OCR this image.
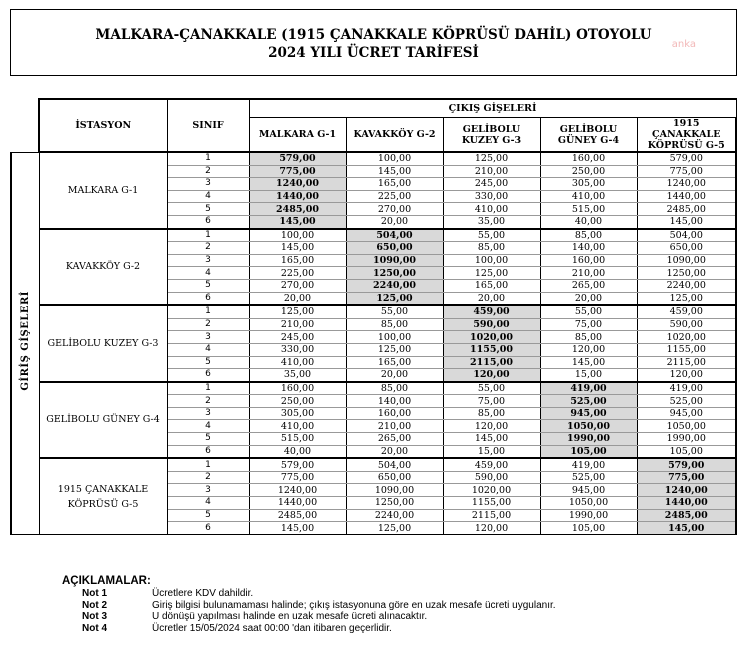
MALKARA-ÇANAKKALE (1915 ÇANAKKALE KÖPRÜSÜ DAHİL) OTOYOLU
2024 YILI ÜCRET TARİFESİ
anka
	İSTASYON	SINIF	ÇIKIŞ GİŞELERİ				
			MALKARA G-1	KAVAKKÖY G-2	GELİBOLU KUZEY G-3	GELİBOLU GÜNEY G-4	1915 ÇANAKKALE KÖPRÜSÜ G-5
GİRİŞ GİŞELERİ	MALKARA G-1	1	579,00	100,00	125,00	160,00	579,00
		2	775,00	145,00	210,00	250,00	775,00
		3	1240,00	165,00	245,00	305,00	1240,00
		4	1440,00	225,00	330,00	410,00	1440,00
		5	2485,00	270,00	410,00	515,00	2485,00
		6	145,00	20,00	35,00	40,00	145,00
	KAVAKKÖY G-2	1	100,00	504,00	55,00	85,00	504,00
		2	145,00	650,00	85,00	140,00	650,00
		3	165,00	1090,00	100,00	160,00	1090,00
		4	225,00	1250,00	125,00	210,00	1250,00
		5	270,00	2240,00	165,00	265,00	2240,00
		6	20,00	125,00	20,00	20,00	125,00
	GELİBOLU KUZEY G-3	1	125,00	55,00	459,00	55,00	459,00
		2	210,00	85,00	590,00	75,00	590,00
		3	245,00	100,00	1020,00	85,00	1020,00
		4	330,00	125,00	1155,00	120,00	1155,00
		5	410,00	165,00	2115,00	145,00	2115,00
		6	35,00	20,00	120,00	15,00	120,00
	GELİBOLU GÜNEY G-4	1	160,00	85,00	55,00	419,00	419,00
		2	250,00	140,00	75,00	525,00	525,00
		3	305,00	160,00	85,00	945,00	945,00
		4	410,00	210,00	120,00	1050,00	1050,00
		5	515,00	265,00	145,00	1990,00	1990,00
		6	40,00	20,00	15,00	105,00	105,00
	1915 ÇANAKKALE KÖPRÜSÜ G-5	1	579,00	504,00	459,00	419,00	579,00
		2	775,00	650,00	590,00	525,00	775,00
		3	1240,00	1090,00	1020,00	945,00	1240,00
		4	1440,00	1250,00	1155,00	1050,00	1440,00
		5	2485,00	2240,00	2115,00	1990,00	2485,00
		6	145,00	125,00	120,00	105,00	145,00
AÇIKLAMALAR:
Not 1	Ücretlere KDV dahildir.
Not 2	Giriş bilgisi bulunamaması halinde; çıkış istasyonuna göre en uzak mesafe ücreti uygulanır.
Not 3	U dönüşü yapılması halinde en uzak mesafe ücreti alınacaktır.
Not 4	Ücretler 15/05/2024 saat 00:00 'dan itibaren geçerlidir.
